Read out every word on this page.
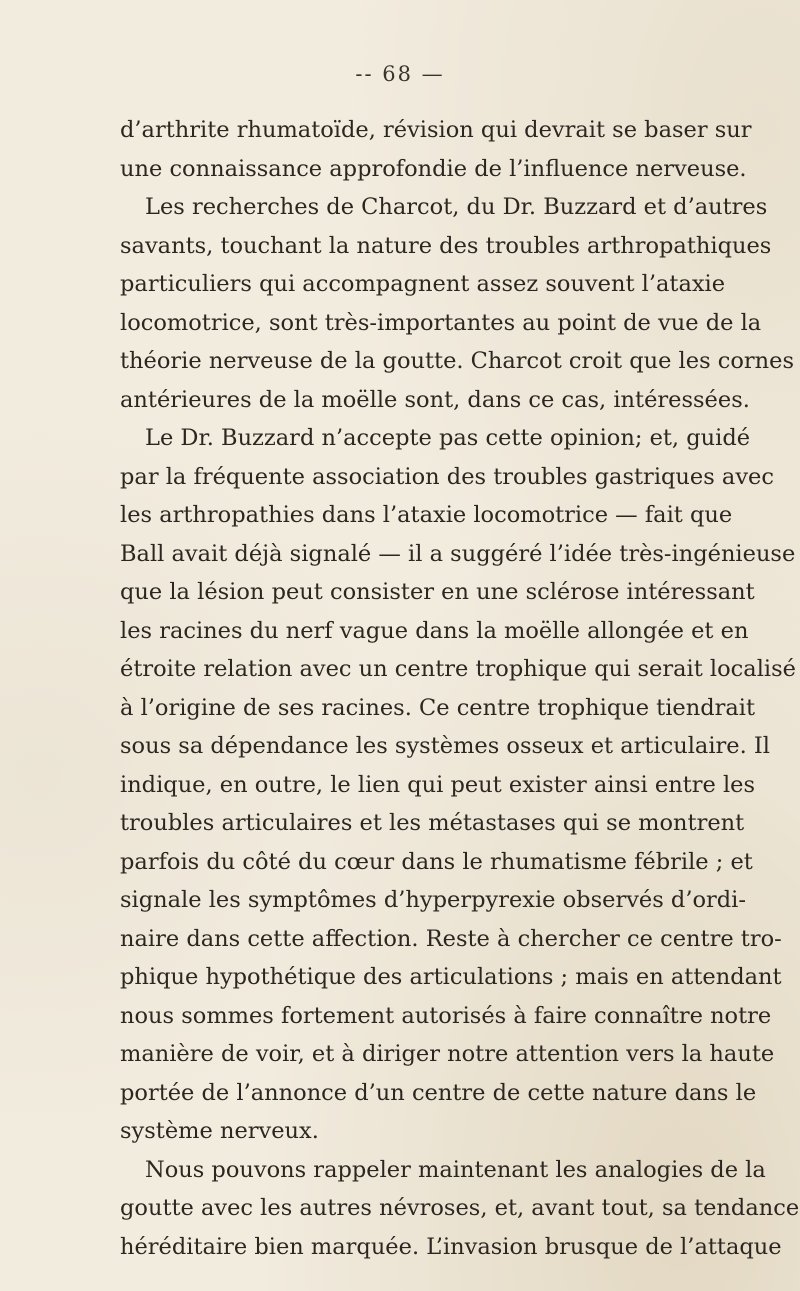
-- 68 —
d’arthrite rhumatoïde, révision qui devrait se baser sur
une connaissance approfondie de l’influence nerveuse.
Les recherches de Charcot, du Dr. Buzzard et d’autres
savants, touchant la nature des troubles arthropathiques
particuliers qui accompagnent assez souvent l’ataxie
locomotrice, sont très-importantes au point de vue de la
théorie nerveuse de la goutte. Charcot croit que les cornes
antérieures de la moëlle sont, dans ce cas, intéressées.
Le Dr. Buzzard n’accepte pas cette opinion; et, guidé
par la fréquente association des troubles gastriques avec
les arthropathies dans l’ataxie locomotrice — fait que
Ball avait déjà signalé — il a suggéré l’idée très-ingénieuse
que la lésion peut consister en une sclérose intéressant
les racines du nerf vague dans la moëlle allongée et en
étroite relation avec un centre trophique qui serait localisé
à l’origine de ses racines. Ce centre trophique tiendrait
sous sa dépendance les systèmes osseux et articulaire. Il
indique, en outre, le lien qui peut exister ainsi entre les
troubles articulaires et les métastases qui se montrent
parfois du côté du cœur dans le rhumatisme fébrile ; et
signale les symptômes d’hyperpyrexie observés d’ordi-
naire dans cette affection. Reste à chercher ce centre tro-
phique hypothétique des articulations ; mais en attendant
nous sommes fortement autorisés à faire connaître notre
manière de voir, et à diriger notre attention vers la haute
portée de l’annonce d’un centre de cette nature dans le
système nerveux.
Nous pouvons rappeler maintenant les analogies de la
goutte avec les autres névroses, et, avant tout, sa tendance
héréditaire bien marquée. L’invasion brusque de l’attaque
